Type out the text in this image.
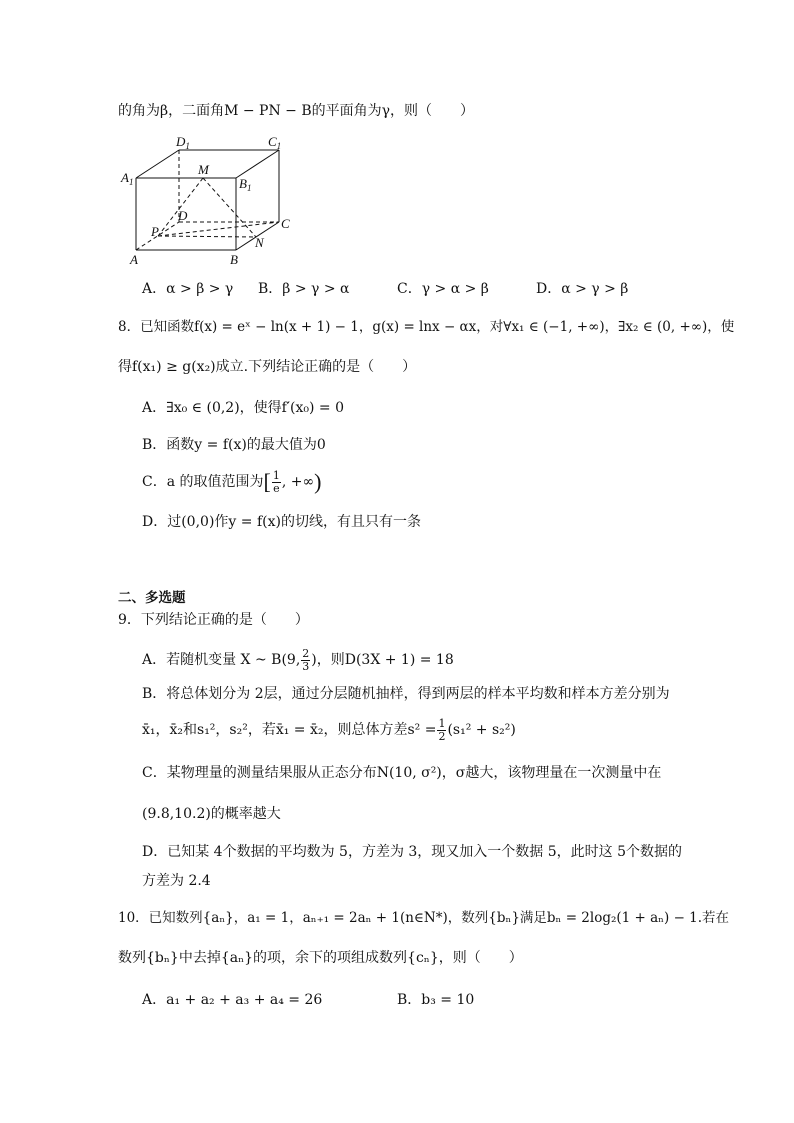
的角为β，二面角M − PN − B的平面角为γ，则（　　）
$D_1$	$C_1$
$A_1$
M
$B_1$
D
C
P
N
A	B
A．α > β > γ B．β > γ > α	C．γ > α > β	D．α > γ > β
8．已知函数f(x) = eˣ − ln(x + 1) − 1，g(x) = lnx − αx，对∀x₁ ∈ (−1, +∞)，∃x₂ ∈ (0, +∞)，使
得f(x₁) ≥ g(x₂)成立.下列结论正确的是（　　）
A．∃x₀ ∈ (0,2)，使得f′(x₀) = 0
B．函数y = f(x)的最大值为0
C．a 的取值范围为[ $\frac{1}{e}$ , +∞)
D．过(0,0)作y = f(x)的切线，有且只有一条
二、多选题
9．下列结论正确的是（　　）
A．若随机变量 X ~ B(9, $\frac{2}{3}$ )，则D(3X + 1) = 18
B．将总体划分为 2层，通过分层随机抽样，得到两层的样本平均数和样本方差分别为
x̄₁，x̄₂和s₁²，s₂²，若x̄₁ = x̄₂，则总体方差$s^2 = \frac{1}{2} (s_1^2 + s_2^2)$
C．某物理量的测量结果服从正态分布N(10, σ²)，σ越大，该物理量在一次测量中在
(9.8,10.2)的概率越大
D．已知某 4个数据的平均数为 5，方差为 3，现又加入一个数据 5，此时这 5个数据的
方差为 2.4
10．已知数列{aₙ}，a₁ = 1，aₙ₊₁ = 2aₙ + 1(n∈N*)，数列{bₙ}满足bₙ = 2log₂(1 + aₙ) − 1.若在
数列{bₙ}中去掉{aₙ}的项，余下的项组成数列{cₙ}，则（　　）
A．a₁ + a₂ + a₃ + a₄ = 26	B．b₃ = 10
